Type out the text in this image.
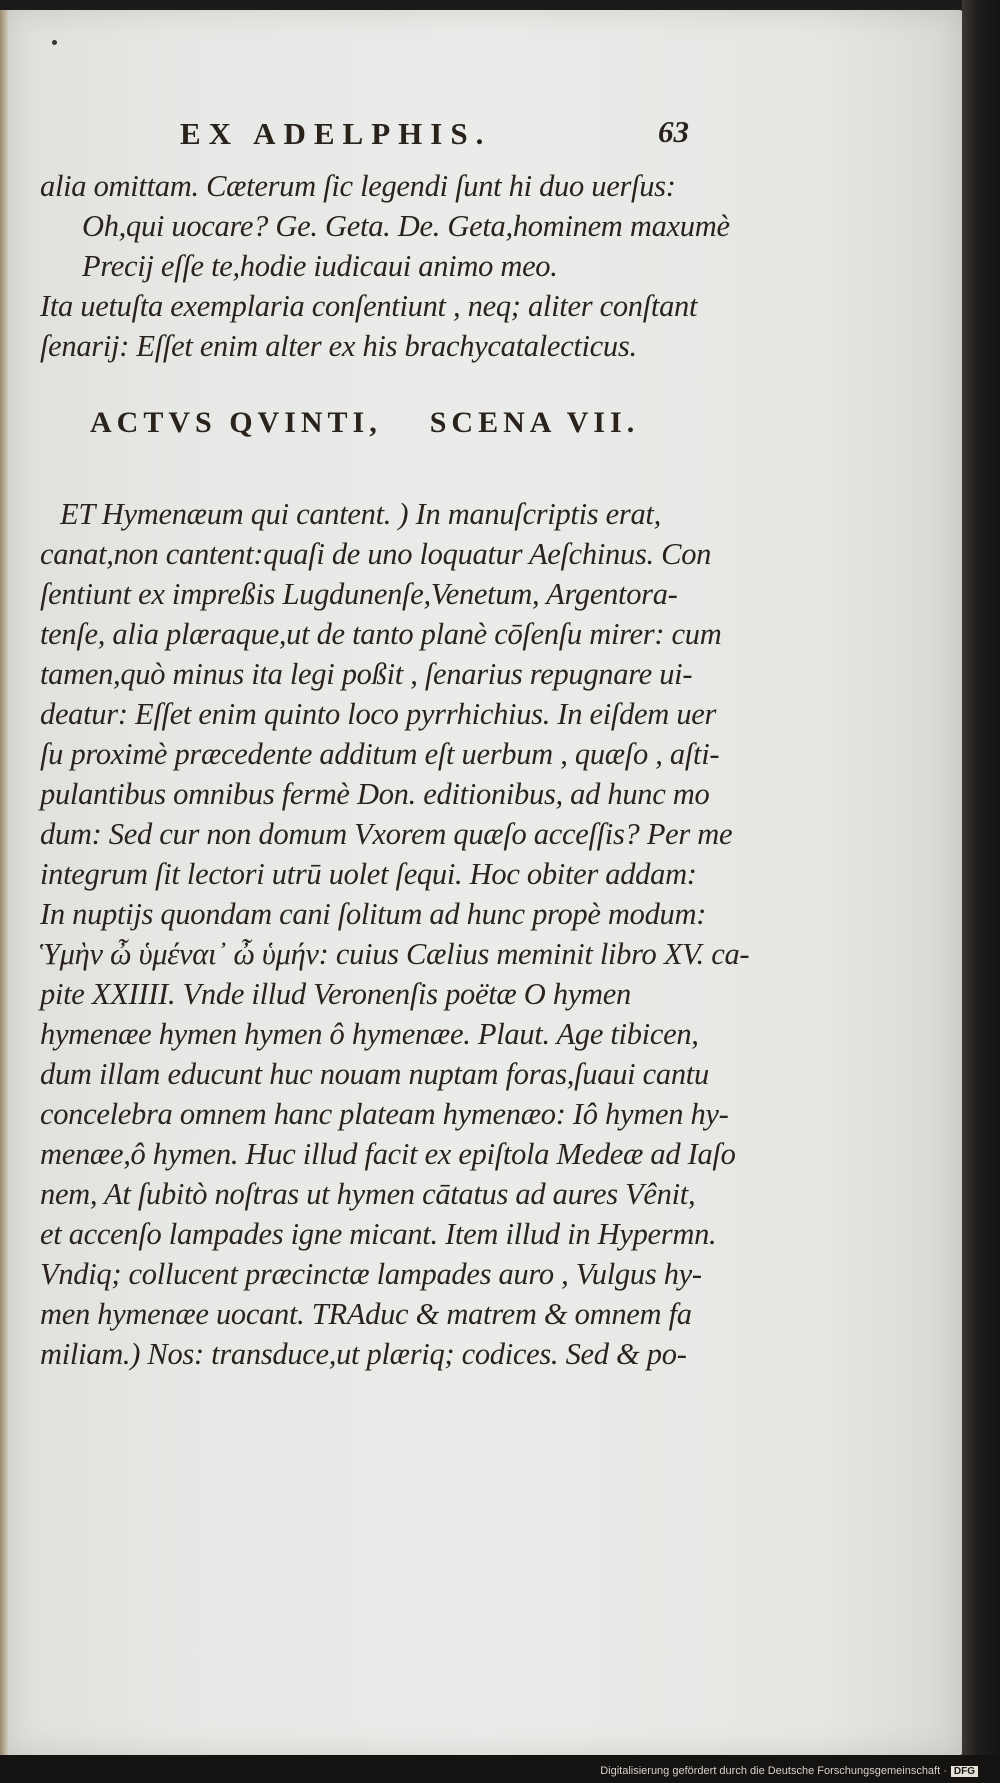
EX ADELPHIS.	63
alia omittam. Cæterum ſic legendi ſunt hi duo uerſus:
Oh,qui uocare? Ge. Geta. De. Geta,hominem maxumè
Precij eſſe te,hodie iudicaui animo meo.
Ita uetuſta exemplaria conſentiunt , neq; aliter conſtant
ſenarij: Eſſet enim alter ex his brachycatalecticus.
ACTVS QVINTI, SCENA VII.
ET Hymenæum qui cantent. ) In manuſcriptis erat,
canat,non cantent:quaſi de uno loquatur Aeſchinus. Con
ſentiunt ex impreßis Lugdunenſe,Venetum, Argentora-
tenſe, alia plæraque,ut de tanto planè cōſenſu mirer: cum
tamen,quò minus ita legi poßit , ſenarius repugnare ui-
deatur: Eſſet enim quinto loco pyrrhichius. In eiſdem uer
ſu proximè præcedente additum eſt uerbum , quæſo , aſti-
pulantibus omnibus fermè Don. editionibus, ad hunc mo
dum: Sed cur non domum Vxorem quæſo acceſſis? Per me
integrum ſit lectori utrū uolet ſequi. Hoc obiter addam:
In nuptijs quondam cani ſolitum ad hunc propè modum:
Ὑμὴν ὦ ὑμέναι᾽ ὦ ὑμήν: cuius Cælius meminit libro XV. ca-
pite XXIIII. Vnde illud Veronenſis poëtæ O hymen
hymenæe hymen hymen ô hymenæe. Plaut. Age tibicen,
dum illam educunt huc nouam nuptam foras,ſuaui cantu
concelebra omnem hanc plateam hymenæo: Iô hymen hy-
menæe,ô hymen. Huc illud facit ex epiſtola Medeæ ad Iaſo
nem, At ſubitò noſtras ut hymen cātatus ad aures Vênit,
et accenſo lampades igne micant. Item illud in Hypermn.
Vndiq; collucent præcinctæ lampades auro , Vulgus hy-
men hymenæe uocant. TRAduc & matrem & omnem fa
miliam.) Nos: transduce,ut plæriq; codices. Sed & po-
Digitalisierung gefördert durch die Deutsche Forschungsgemeinschaft · DFG
